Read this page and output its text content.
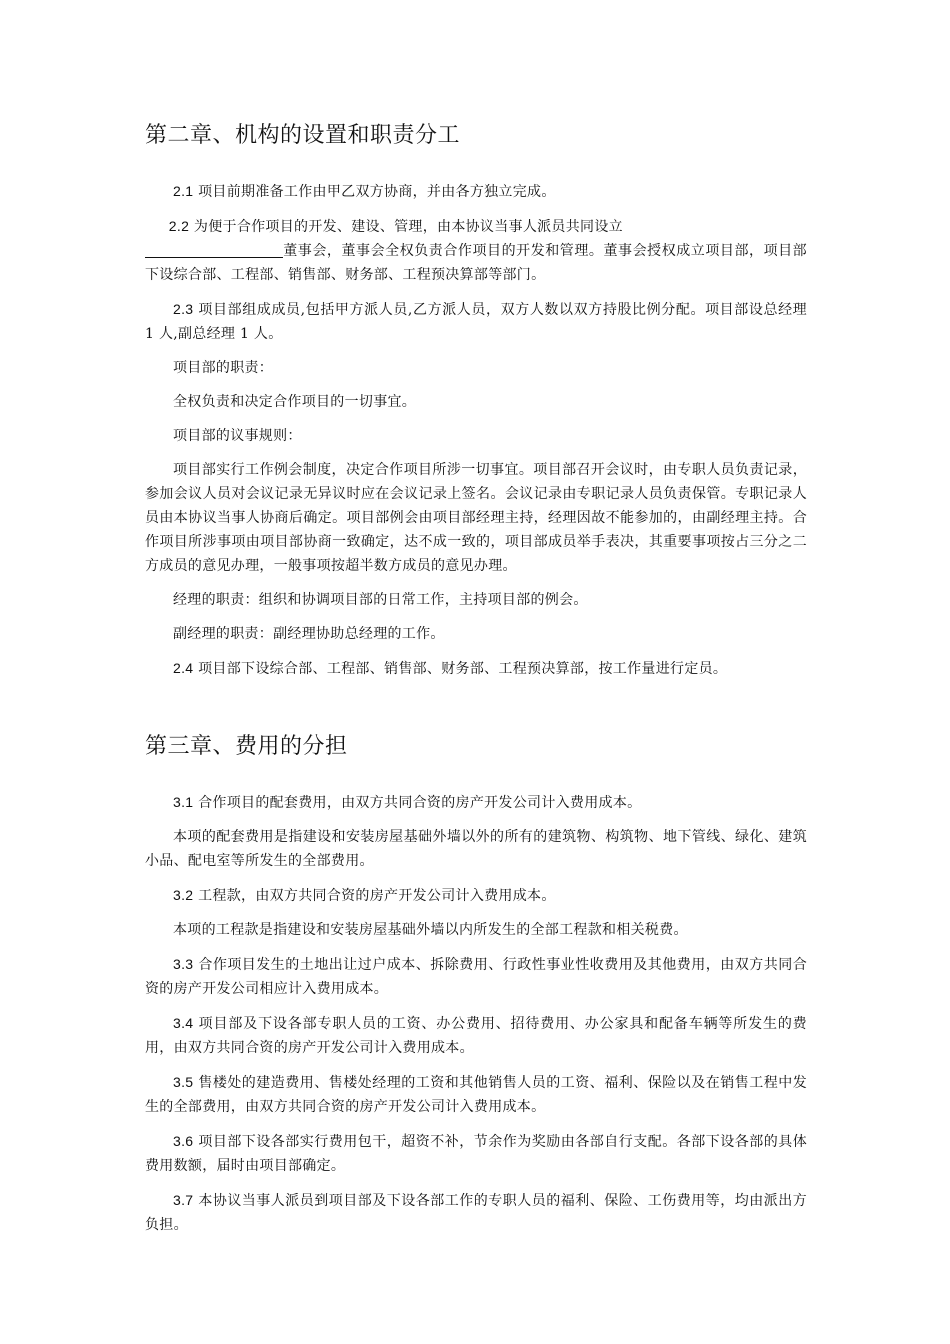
第二章、机构的设置和职责分工

2.1 项目前期准备工作由甲乙双方协商，并由各方独立完成。

2.2 为便于合作项目的开发、建设、管理，由本协议当事人派员共同设立
董事会，董事会全权负责合作项目的开发和管理。董事会授权成立项目部，项目部下设综合部、工程部、销售部、财务部、工程预决算部等部门。

2.3 项目部组成成员,包括甲方派人员,乙方派人员，双方人数以双方持股比例分配。项目部设总经理 1 人,副总经理 1 人。

项目部的职责：

全权负责和决定合作项目的一切事宜。

项目部的议事规则：

项目部实行工作例会制度，决定合作项目所涉一切事宜。项目部召开会议时，由专职人员负责记录，参加会议人员对会议记录无异议时应在会议记录上签名。会议记录由专职记录人员负责保管。专职记录人员由本协议当事人协商后确定。项目部例会由项目部经理主持，经理因故不能参加的，由副经理主持。合作项目所涉事项由项目部协商一致确定，达不成一致的，项目部成员举手表决，其重要事项按占三分之二方成员的意见办理，一般事项按超半数方成员的意见办理。

经理的职责：组织和协调项目部的日常工作，主持项目部的例会。

副经理的职责：副经理协助总经理的工作。

2.4 项目部下设综合部、工程部、销售部、财务部、工程预决算部，按工作量进行定员。

第三章、费用的分担

3.1 合作项目的配套费用，由双方共同合资的房产开发公司计入费用成本。

本项的配套费用是指建设和安装房屋基础外墙以外的所有的建筑物、构筑物、地下管线、绿化、建筑小品、配电室等所发生的全部费用。

3.2 工程款，由双方共同合资的房产开发公司计入费用成本。

本项的工程款是指建设和安装房屋基础外墙以内所发生的全部工程款和相关税费。

3.3 合作项目发生的土地出让过户成本、拆除费用、行政性事业性收费用及其他费用，由双方共同合资的房产开发公司相应计入费用成本。

3.4 项目部及下设各部专职人员的工资、办公费用、招待费用、办公家具和配备车辆等所发生的费用，由双方共同合资的房产开发公司计入费用成本。

3.5 售楼处的建造费用、售楼处经理的工资和其他销售人员的工资、福利、保险以及在销售工程中发生的全部费用，由双方共同合资的房产开发公司计入费用成本。

3.6 项目部下设各部实行费用包干，超资不补，节余作为奖励由各部自行支配。各部下设各部的具体费用数额，届时由项目部确定。

3.7 本协议当事人派员到项目部及下设各部工作的专职人员的福利、保险、工伤费用等，均由派出方负担。
